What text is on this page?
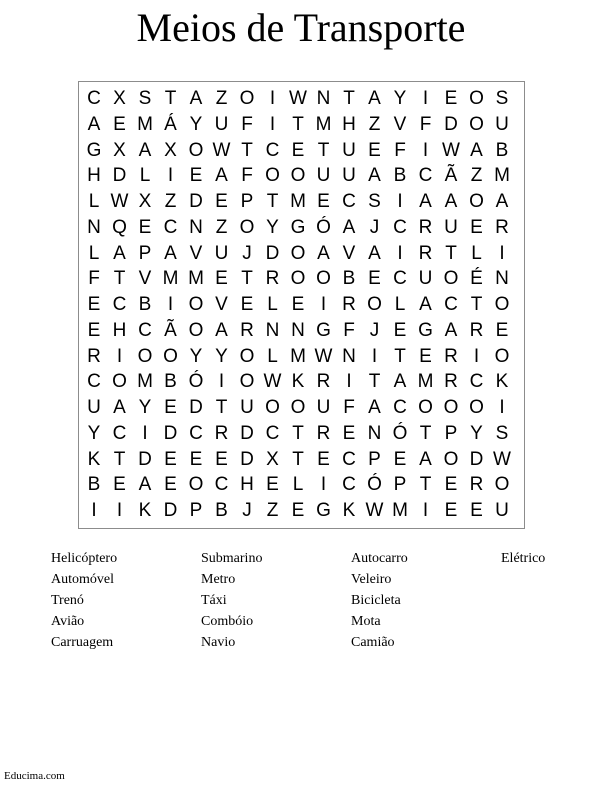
Meios de Transporte
C X S T A Z O I W N T A Y I E O S
A E M Á Y U F I T M H Z V F D O U
G X A X O W T C E T U E F I W A B
H D L I E A F O O U U A B C Ã Z M
L W X Z D E P T M E C S I A A O A
N Q E C N Z O Y G Ó A J C R U E R
L A P A V U J D O A V A I R T L I
F T V M M E T R O O B E C U O É N
E C B I O V E L E I R O L A C T O
E H C Ã O A R N N G F J E G A R E
R I O O Y Y O L M W N I T E R I O
C O M B Ó I O W K R I T A M R C K
U A Y E D T U O O U F A C O O O I
Y C I D C R D C T R E N Ó T P Y S
K T D E E E D X T E C P E A O D W
B E A E O C H E L I C Ó P T E R O
I	I K D P B J Z E G K W M I E E U
Helicóptero
Automóvel
Trenó
Avião
Carruagem
Submarino
Metro
Táxi
Combóio
Navio
Autocarro
Veleiro
Bicicleta
Mota
Camião
Elétrico
Educima.com
